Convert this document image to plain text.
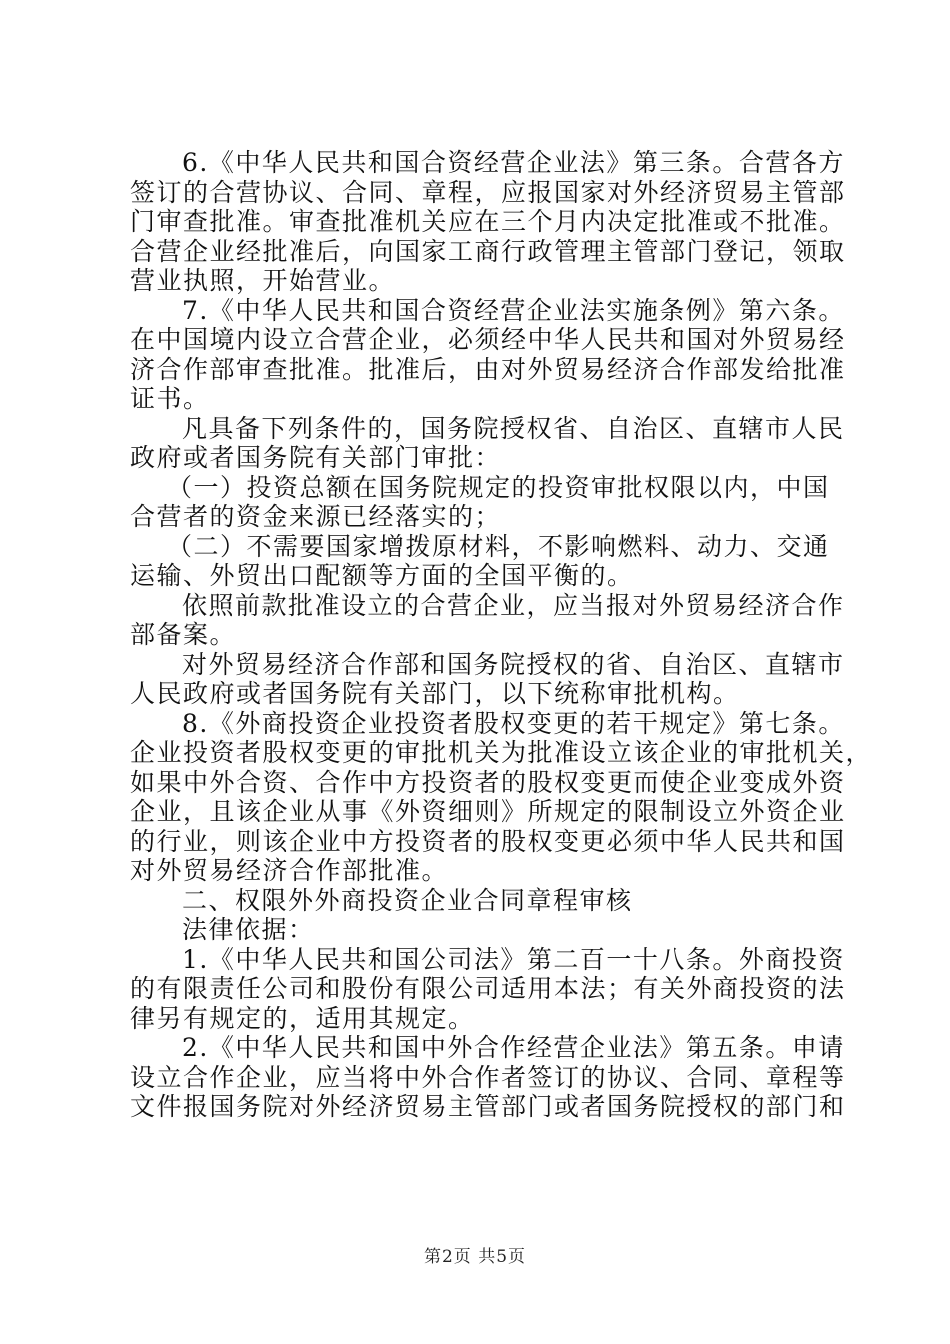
6.《中华人民共和国合资经营企业法》第三条。合营各方

签订的合营协议、合同、章程，应报国家对外经济贸易主管部

门审查批准。审查批准机关应在三个月内决定批准或不批准。

合营企业经批准后，向国家工商行政管理主管部门登记，领取

营业执照，开始营业。

7.《中华人民共和国合资经营企业法实施条例》第六条。

在中国境内设立合营企业，必须经中华人民共和国对外贸易经

济合作部审查批准。批准后，由对外贸易经济合作部发给批准

证书。

凡具备下列条件的，国务院授权省、自治区、直辖市人民

政府或者国务院有关部门审批：

（一）投资总额在国务院规定的投资审批权限以内，中国

合营者的资金来源已经落实的；

（二）不需要国家增拨原材料，不影响燃料、动力、交通

运输、外贸出口配额等方面的全国平衡的。

依照前款批准设立的合营企业，应当报对外贸易经济合作

部备案。

对外贸易经济合作部和国务院授权的省、自治区、直辖市

人民政府或者国务院有关部门，以下统称审批机构。

8.《外商投资企业投资者股权变更的若干规定》第七条。

企业投资者股权变更的审批机关为批准设立该企业的审批机关，

如果中外合资、合作中方投资者的股权变更而使企业变成外资

企业，且该企业从事《外资细则》所规定的限制设立外资企业

的行业，则该企业中方投资者的股权变更必须中华人民共和国

对外贸易经济合作部批准。

二、权限外外商投资企业合同章程审核

法律依据：

1.《中华人民共和国公司法》第二百一十八条。外商投资

的有限责任公司和股份有限公司适用本法；有关外商投资的法

律另有规定的，适用其规定。

2.《中华人民共和国中外合作经营企业法》第五条。申请

设立合作企业，应当将中外合作者签订的协议、合同、章程等

文件报国务院对外经济贸易主管部门或者国务院授权的部门和

第2页 共5页
